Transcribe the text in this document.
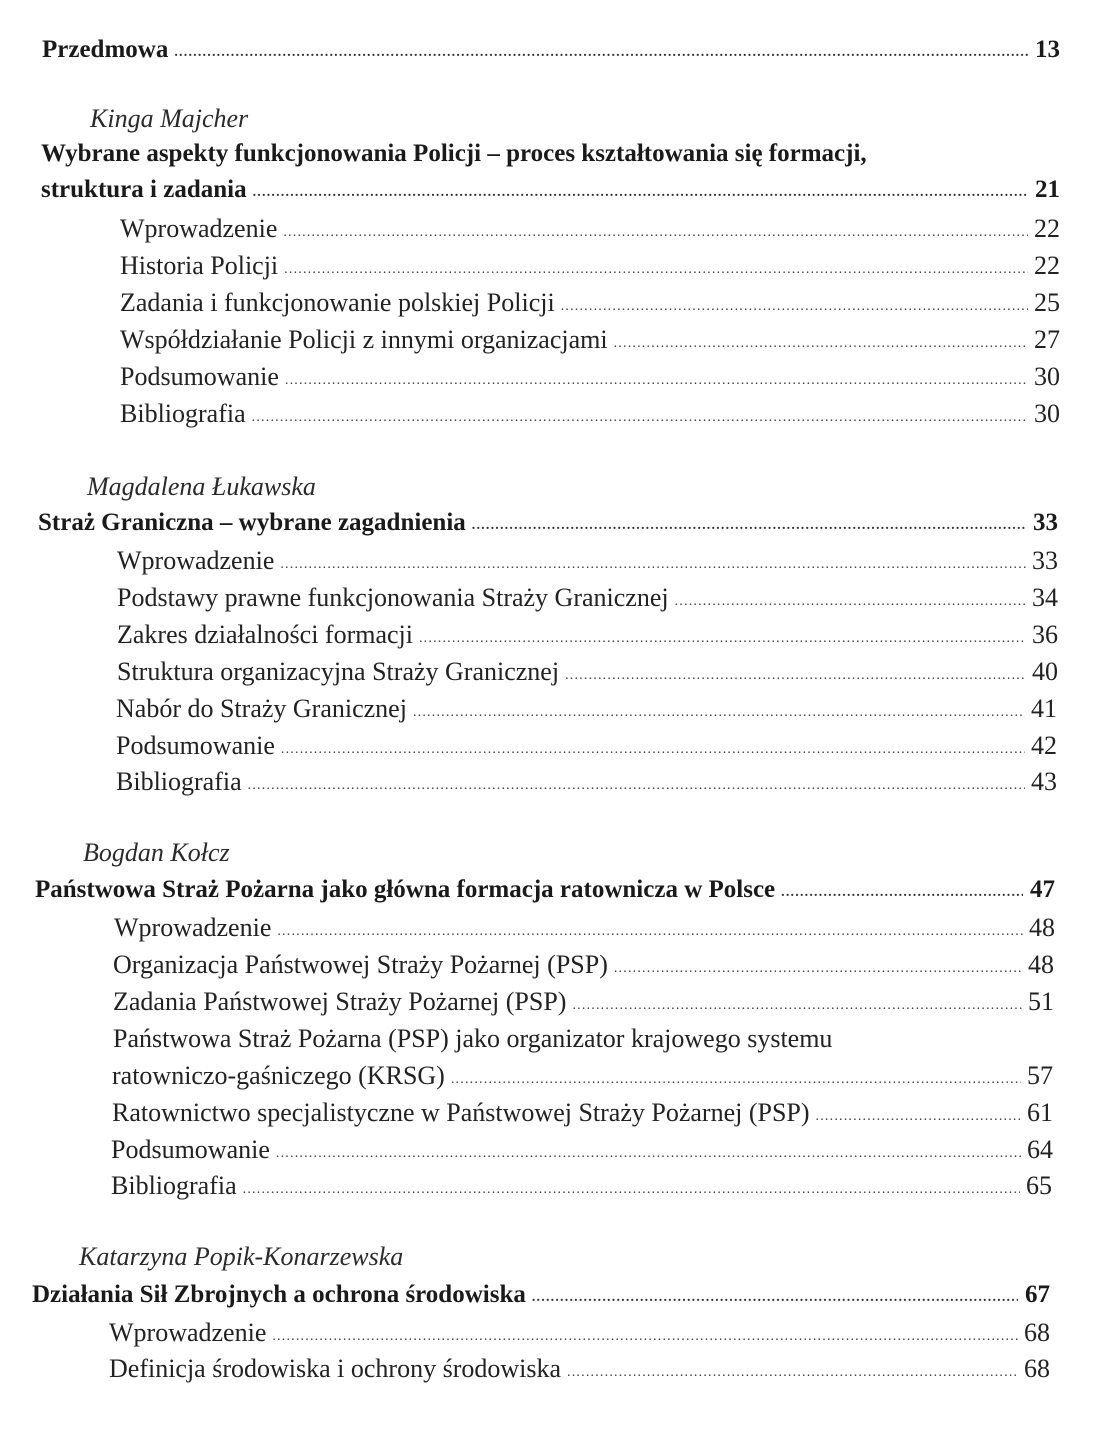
Przedmowa .....	13
Kinga Majcher
Wybrane aspekty funkcjonowania Policji – proces kształtowania się formacji,
struktura i zadania .....	21
Wprowadzenie .....	22
Historia Policji .....	22
Zadania i funkcjonowanie polskiej Policji .....	25
Współdziałanie Policji z innymi organizacjami .....	27
Podsumowanie .....	30
Bibliografia .....	30
Magdalena Łukawska
Straż Graniczna – wybrane zagadnienia .....	33
Wprowadzenie .....	33
Podstawy prawne funkcjonowania Straży Granicznej .....	34
Zakres działalności formacji .....	36
Struktura organizacyjna Straży Granicznej .....	40
Nabór do Straży Granicznej .....	41
Podsumowanie .....	42
Bibliografia .....	43
Bogdan Kołcz
Państwowa Straż Pożarna jako główna formacja ratownicza w Polsce .....	47
Wprowadzenie .....	48
Organizacja Państwowej Straży Pożarnej (PSP) .....	48
Zadania Państwowej Straży Pożarnej (PSP) .....	51
Państwowa Straż Pożarna (PSP) jako organizator krajowego systemu
ratowniczo-gaśniczego (KRSG) .....	57
Ratownictwo specjalistyczne w Państwowej Straży Pożarnej (PSP) .....	61
Podsumowanie .....	64
Bibliografia .....	65
Katarzyna Popik-Konarzewska
Działania Sił Zbrojnych a ochrona środowiska .....	67
Wprowadzenie .....	68
Definicja środowiska i ochrony środowiska .....	68
